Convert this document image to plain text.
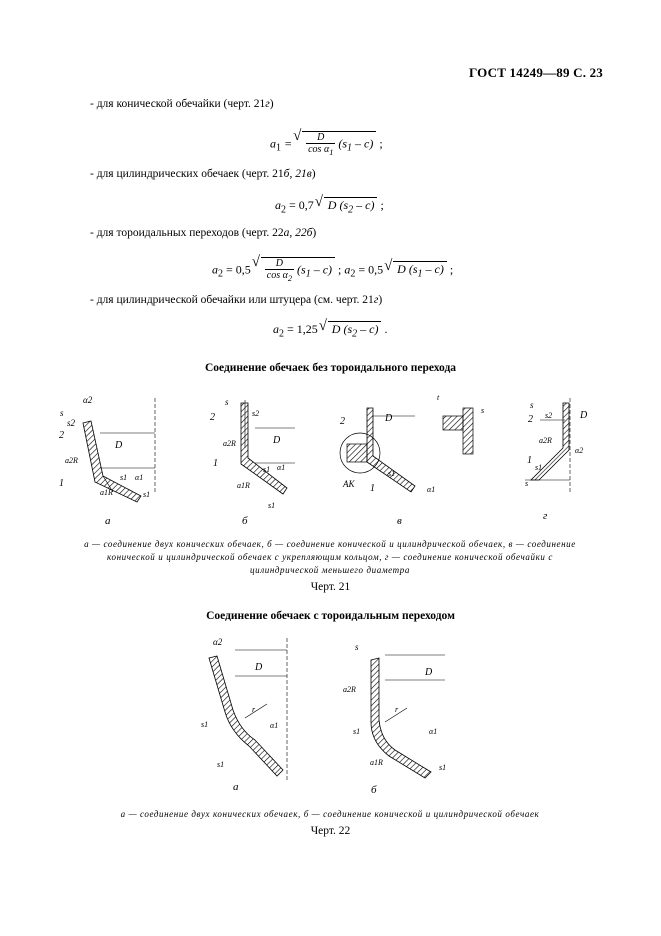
ГОСТ 14249—89 С. 23
- для конической обечайки (черт. 21г)
$a_1$ = √ $\frac{D}{\cos \alpha_1} (s_1 - c)$ ;
- для цилиндрических обечаек (черт. 21б, 21в)
$a_2 = 0,7$ √ D $(s_2 - c)$ ;
- для тороидальных переходов (черт. 22а, 22б)
$a_2 = 0,5$ √ $\frac{D}{\cos \alpha_2} (s_1 - c)$ ; $a_2 = 0,5$ √ D $(s_1 - c)$ ;
- для цилиндрической обечайки или штуцера (см. черт. 21г)
$a_2 = 1,25$ √ D $(s_2 - c)$ .
Соединение обечаек без тороидального перехода
α2
s
s2
2
D
1
a2R
a1R
s1 α1
s1
а
s
s2
2
D
1
a2R
a1R
s1 α1
s1
б
2	D
AK 1
s1
α1
t
s
в
s
s2
2	D
1
a2R
s1
α2
s
г
а — соединение двух конических обечаек, б — соединение конической и цилиндрической обечаек, в — соединение
конической и цилиндрической обечаек с укрепляющим кольцом, г — соединение конической обечайки с
цилиндрической меньшего диаметра
Черт. 21
Соединение обечаек с тороидальным переходом
α2
D
r
s1	α1
s1
а
s
D
a2R
r
s1	α1
a1R
s1
б
а — соединение двух конических обечаек, б — соединение конической и цилиндрической обечаек
Черт. 22
